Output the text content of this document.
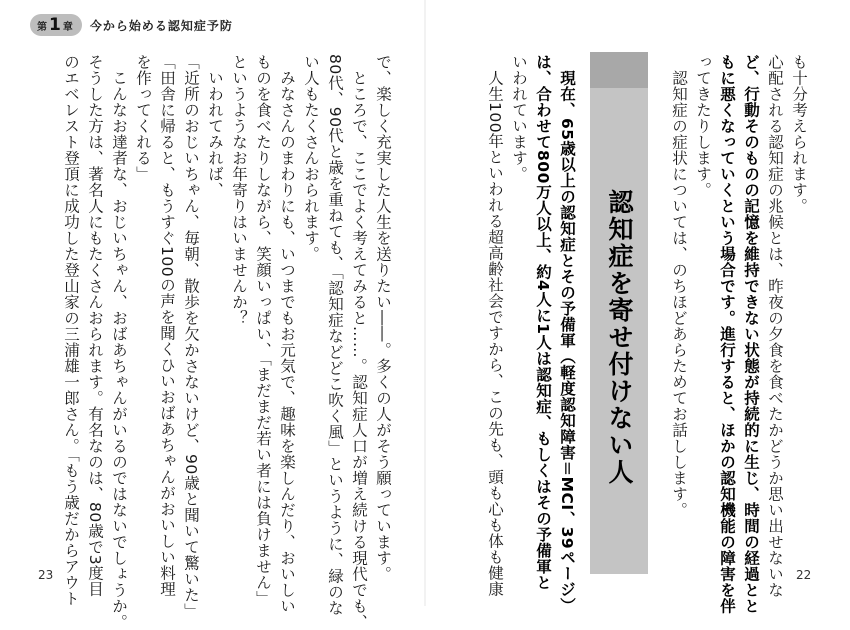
第 1 章 今から始める認知症予防
も十分考えられます。
心配される認知症の兆候とは、昨夜の夕食を食べたかどうか思い出せないな
ど、行動そのものの記憶を維持できない状態が持続的に生じ、時間の経過とと
もに悪くなっていくという場合です。進行すると、ほかの認知機能の障害を伴
ってきたりします。
認知症の症状については、のちほどあらためてお話しします。
認知症を寄せ付けない人
現在、65歳以上の認知症とその予備軍（軽度認知障害＝MCI、39ページ）
は、合わせて800万人以上、約4人に1人は認知症、もしくはその予備軍と
いわれています。
人生100年といわれる超高齢社会ですから、この先も、頭も心も体も健康	22
で、楽しく充実した人生を送りたい――。多くの人がそう願っています。
ところで、ここでよく考えてみると……。認知症人口が増え続ける現代でも、
80代、90代と歳を重ねても、「認知症などどこ吹く風」というように、緑のな
い人もたくさんおられます。
みなさんのまわりにも、いつまでもお元気で、趣味を楽しんだり、おいしい
ものを食べたりしながら、笑顔いっぱい、「まだまだ若い者には負けません」
というようなお年寄りはいませんか？
いわれてみれば、
「近所のおじいちゃん、毎朝、散歩を欠かさないけど、90歳と聞いて驚いた」
「田舎に帰ると、もうすぐ100の声を聞くひいおばあちゃんがおいしい料理
を作ってくれる」
こんなお達者な、おじいちゃん、おばあちゃんがいるのではないでしょうか。
そうした方は、著名人にもたくさんおられます。有名なのは、80歳で3度目
のエベレスト登頂に成功した登山家の三浦雄一郎さん。「もう歳だからアウト
23
